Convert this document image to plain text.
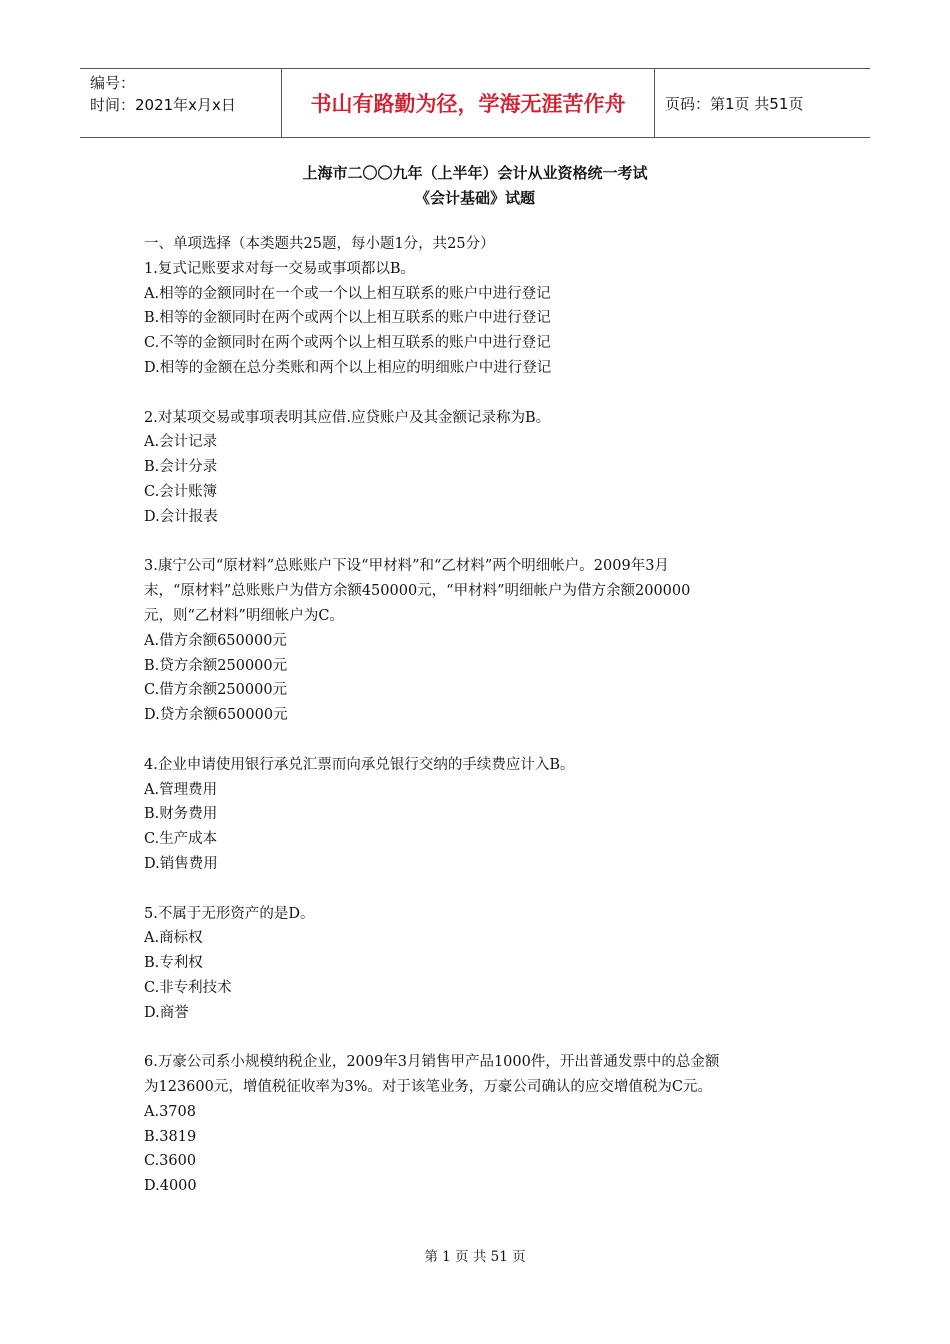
编号：
时间：2021年x月x日	书山有路勤为径，学海无涯苦作舟	页码：第1页 共51页
上海市二〇〇九年（上半年）会计从业资格统一考试
《会计基础》试题
一、单项选择（本类题共25题，每小题1分，共25分）
1.复式记账要求对每一交易或事项都以B。
A.相等的金额同时在一个或一个以上相互联系的账户中进行登记
B.相等的金额同时在两个或两个以上相互联系的账户中进行登记
C.不等的金额同时在两个或两个以上相互联系的账户中进行登记
D.相等的金额在总分类账和两个以上相应的明细账户中进行登记
2.对某项交易或事项表明其应借.应贷账户及其金额记录称为B。
A.会计记录
B.会计分录
C.会计账簿
D.会计报表
3.康宁公司“原材料”总账账户下设“甲材料”和“乙材料”两个明细帐户。2009年3月
末，“原材料”总账账户为借方余额450000元，“甲材料”明细帐户为借方余额200000
元，则“乙材料”明细帐户为C。
A.借方余额650000元
B.贷方余额250000元
C.借方余额250000元
D.贷方余额650000元
4.企业申请使用银行承兑汇票而向承兑银行交纳的手续费应计入B。
A.管理费用
B.财务费用
C.生产成本
D.销售费用
5.不属于无形资产的是D。
A.商标权
B.专利权
C.非专利技术
D.商誉
6.万豪公司系小规模纳税企业，2009年3月销售甲产品1000件，开出普通发票中的总金额
为123600元，增值税征收率为3%。对于该笔业务，万豪公司确认的应交增值税为C元。
A.3708
B.3819
C.3600
D.4000
第 1 页 共 51 页
